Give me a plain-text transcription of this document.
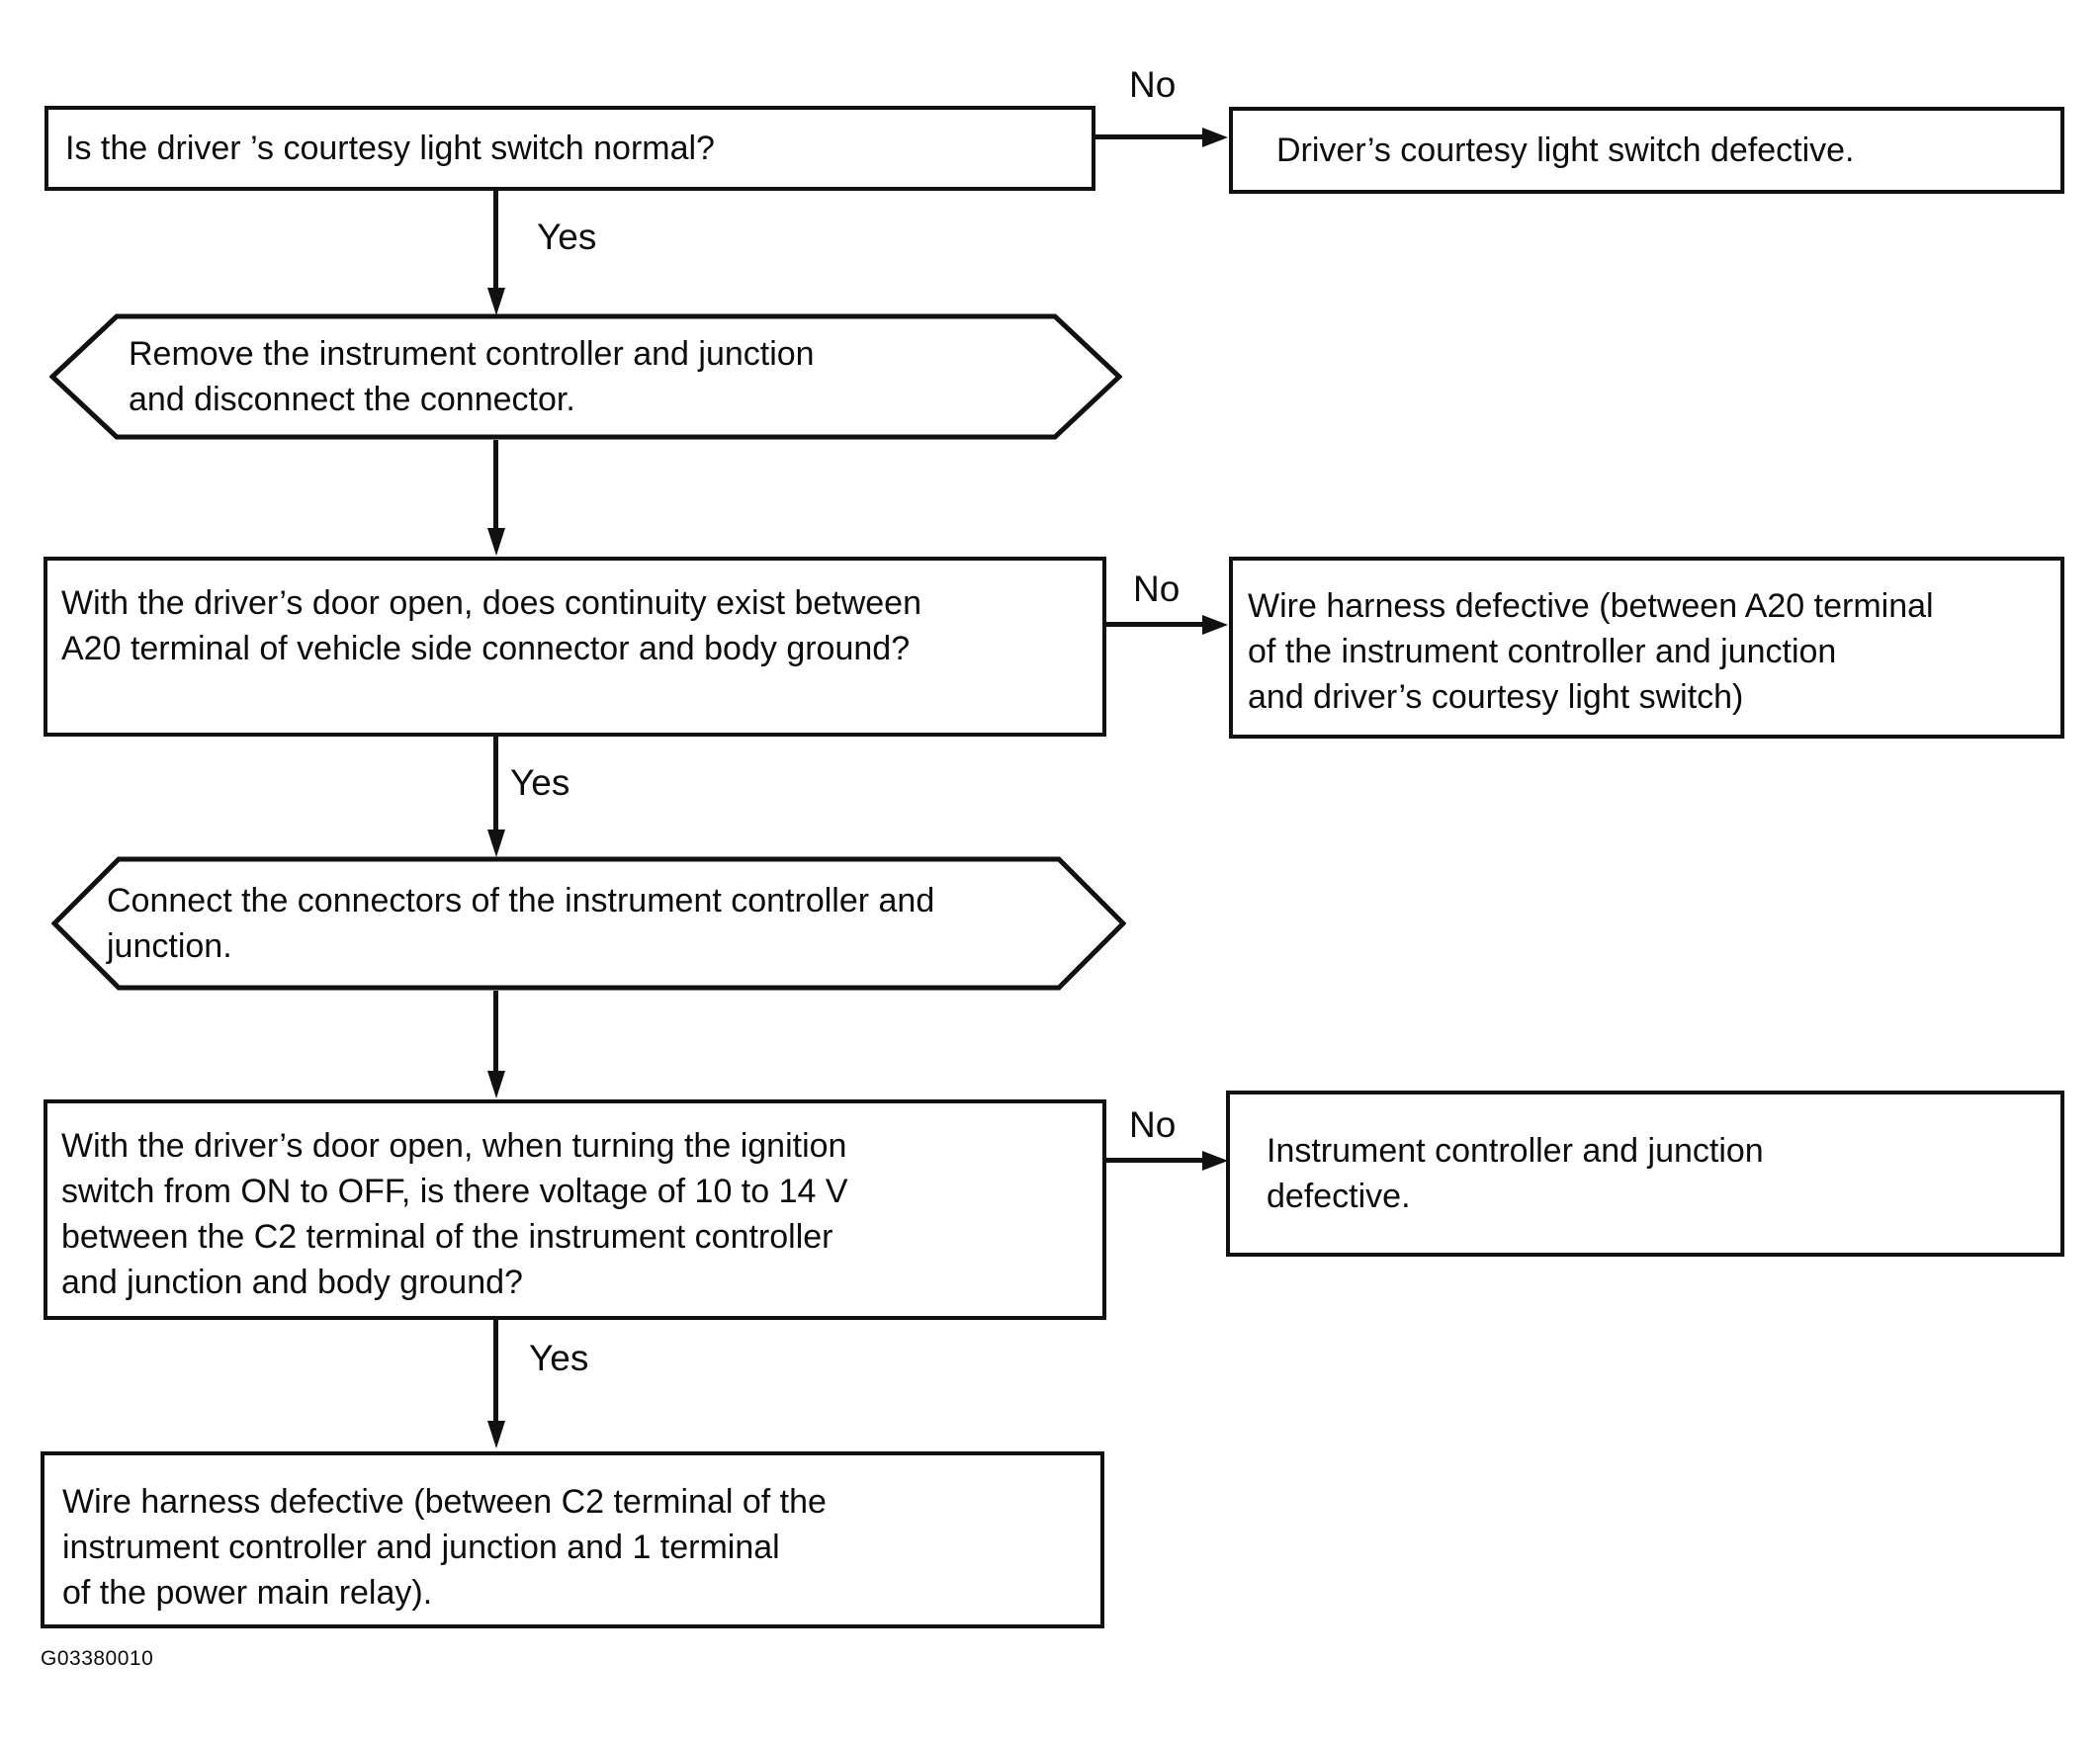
Is the driver ’s courtesy light switch normal?
No
Driver’s courtesy light switch defective.
Yes
Remove the instrument controller and junction
and disconnect the connector.
With the driver’s door open, does continuity exist between
A20 terminal of vehicle side connector and body ground?
No Wire harness defective (between A20 terminal
of the instrument controller and junction
and driver’s courtesy light switch)
Yes
Connect the connectors of the instrument controller and
junction.
With the driver’s door open, when turning the ignition
switch from ON to OFF, is there voltage of 10 to 14 V
between the C2 terminal of the instrument controller
and junction and body ground?
No
Instrument controller and junction
defective.
Yes
Wire harness defective (between C2 terminal of the
instrument controller and junction and 1 terminal
of the power main relay).
G03380010
